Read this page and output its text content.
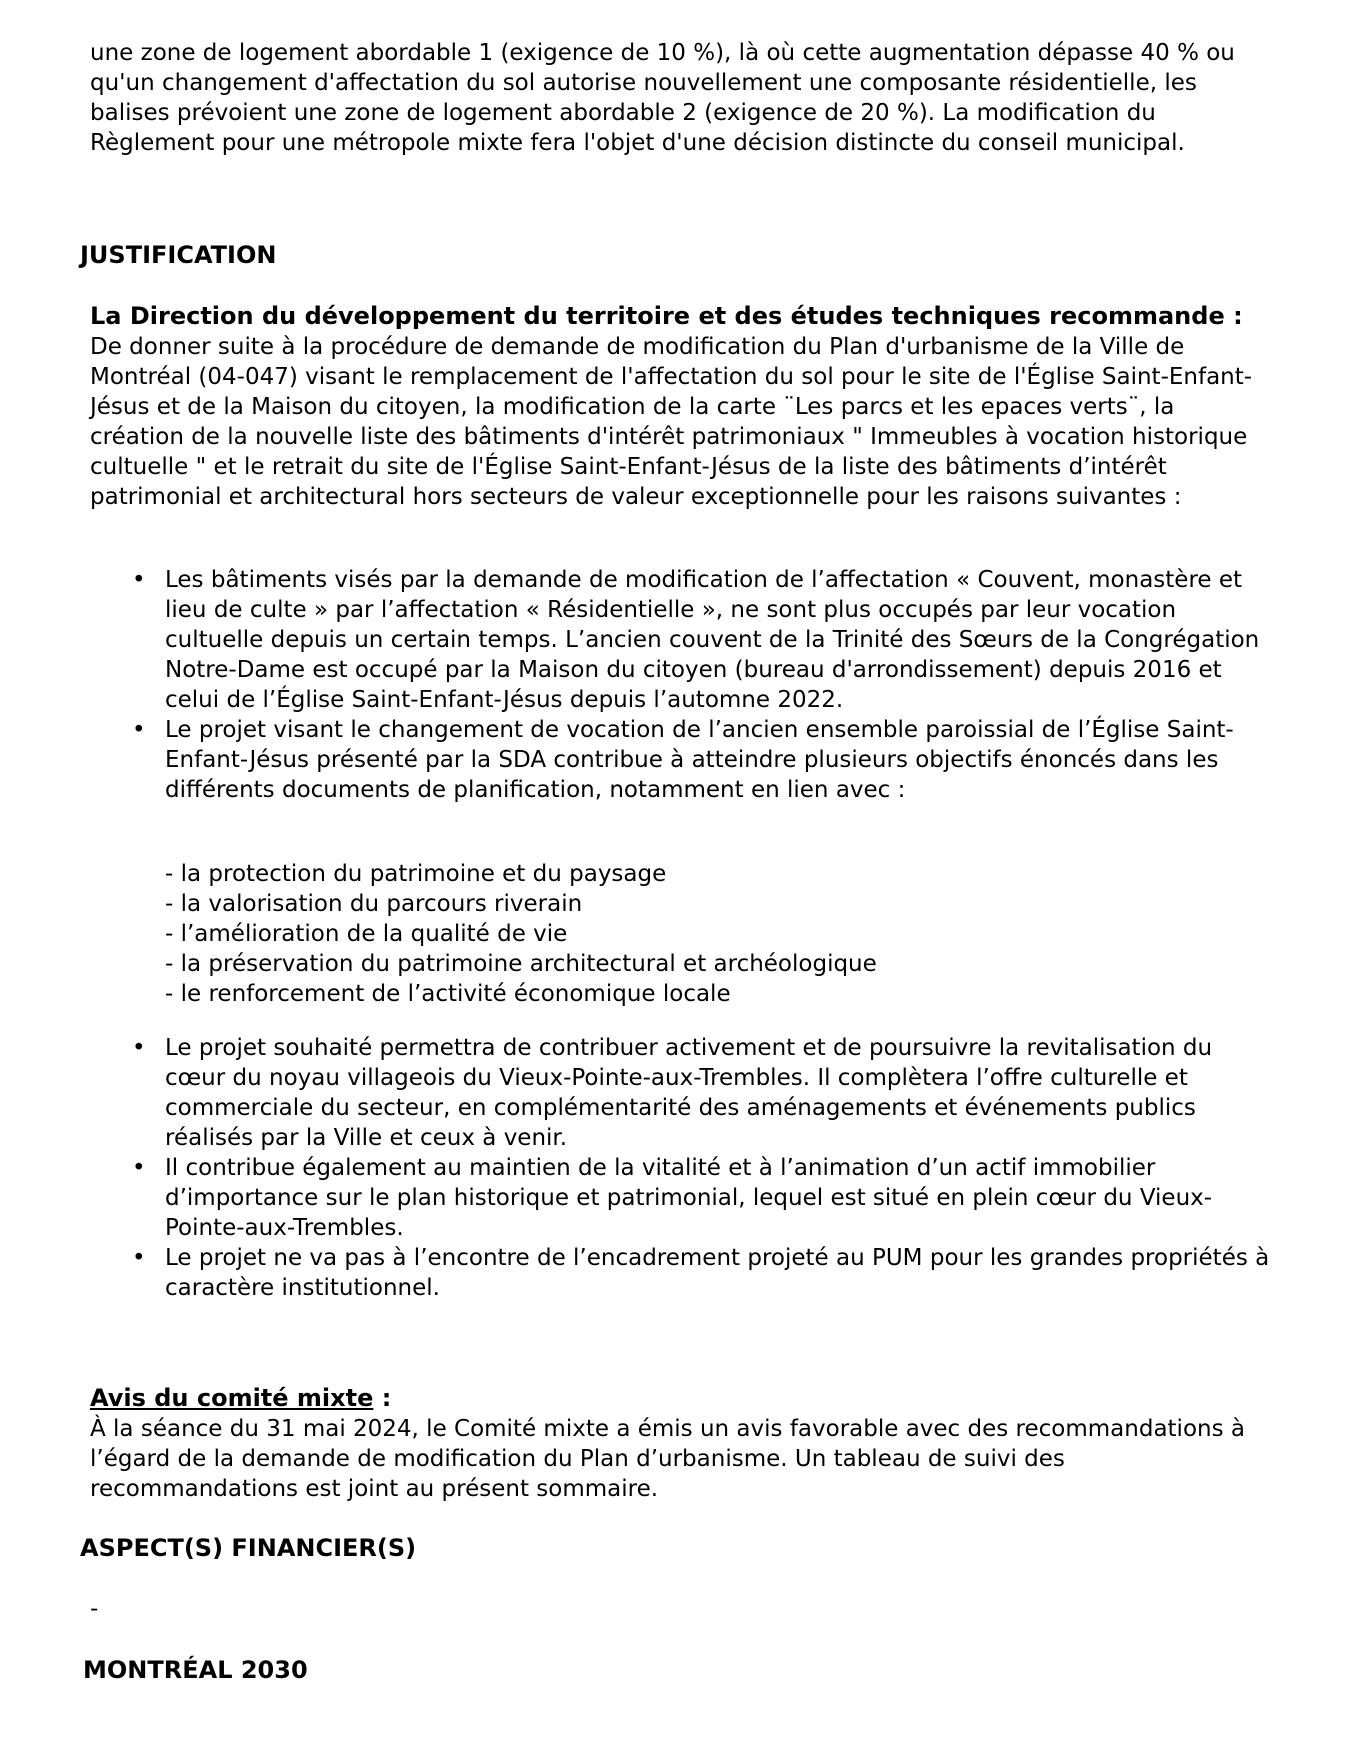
une zone de logement abordable 1 (exigence de 10 %), là où cette augmentation dépasse 40 % ou qu'un changement d'affectation du sol autorise nouvellement une composante résidentielle, les balises prévoient une zone de logement abordable 2 (exigence de 20 %). La modification du Règlement pour une métropole mixte fera l'objet d'une décision distincte du conseil municipal.

JUSTIFICATION

La Direction du développement du territoire et des études techniques recommande :
De donner suite à la procédure de demande de modification du Plan d'urbanisme de la Ville de Montréal (04-047) visant le remplacement de l'affectation du sol pour le site de l'Église Saint-Enfant-Jésus et de la Maison du citoyen, la modification de la carte ¨Les parcs et les epaces verts¨, la création de la nouvelle liste des bâtiments d'intérêt patrimoniaux " Immeubles à vocation historique cultuelle " et le retrait du site de l'Église Saint-Enfant-Jésus de la liste des bâtiments d’intérêt patrimonial et architectural hors secteurs de valeur exceptionnelle pour les raisons suivantes :

• Les bâtiments visés par la demande de modification de l’affectation « Couvent, monastère et lieu de culte » par l’affectation « Résidentielle », ne sont plus occupés par leur vocation cultuelle depuis un certain temps. L’ancien couvent de la Trinité des Sœurs de la Congrégation Notre-Dame est occupé par la Maison du citoyen (bureau d'arrondissement) depuis 2016 et celui de l’Église Saint-Enfant-Jésus depuis l’automne 2022.
• Le projet visant le changement de vocation de l’ancien ensemble paroissial de l’Église Saint-Enfant-Jésus présenté par la SDA contribue à atteindre plusieurs objectifs énoncés dans les différents documents de planification, notamment en lien avec :
- la protection du patrimoine et du paysage
- la valorisation du parcours riverain
- l’amélioration de la qualité de vie
- la préservation du patrimoine architectural et archéologique
- le renforcement de l’activité économique locale
• Le projet souhaité permettra de contribuer activement et de poursuivre la revitalisation du cœur du noyau villageois du Vieux-Pointe-aux-Trembles. Il complètera l’offre culturelle et commerciale du secteur, en complémentarité des aménagements et événements publics réalisés par la Ville et ceux à venir.
• Il contribue également au maintien de la vitalité et à l’animation d’un actif immobilier d’importance sur le plan historique et patrimonial, lequel est situé en plein cœur du Vieux-Pointe-aux-Trembles.
• Le projet ne va pas à l’encontre de l’encadrement projeté au PUM pour les grandes propriétés à caractère institutionnel.

Avis du comité mixte :
À la séance du 31 mai 2024, le Comité mixte a émis un avis favorable avec des recommandations à l’égard de la demande de modification du Plan d’urbanisme. Un tableau de suivi des recommandations est joint au présent sommaire.

ASPECT(S) FINANCIER(S)

-

MONTRÉAL 2030
